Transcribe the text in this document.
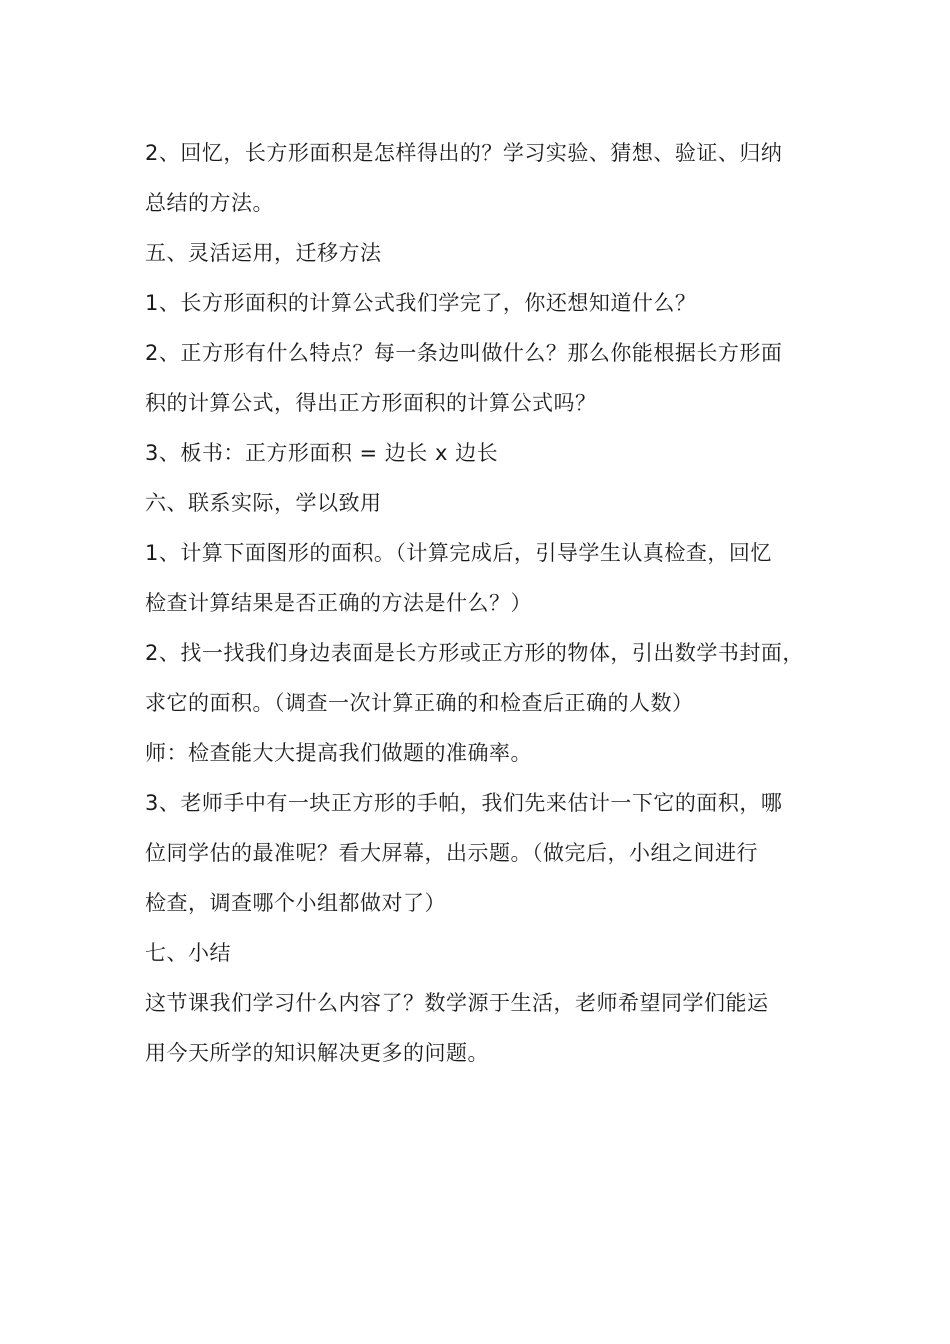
2、回忆，长方形面积是怎样得出的？学习实验、猜想、验证、归纳
总结的方法。
五、灵活运用，迁移方法
1、长方形面积的计算公式我们学完了，你还想知道什么？
2、正方形有什么特点？每一条边叫做什么？那么你能根据长方形面
积的计算公式，得出正方形面积的计算公式吗？
3、板书：正方形面积 = 边长 x 边长
六、联系实际，学以致用
1、计算下面图形的面积。（计算完成后，引导学生认真检查，回忆
检查计算结果是否正确的方法是什么？）
2、找一找我们身边表面是长方形或正方形的物体，引出数学书封面，
求它的面积。（调查一次计算正确的和检查后正确的人数）
师：检查能大大提高我们做题的准确率。
3、老师手中有一块正方形的手帕，我们先来估计一下它的面积，哪
位同学估的最准呢？看大屏幕，出示题。（做完后，小组之间进行
检查，调查哪个小组都做对了）
七、小结
这节课我们学习什么内容了？数学源于生活，老师希望同学们能运
用今天所学的知识解决更多的问题。
